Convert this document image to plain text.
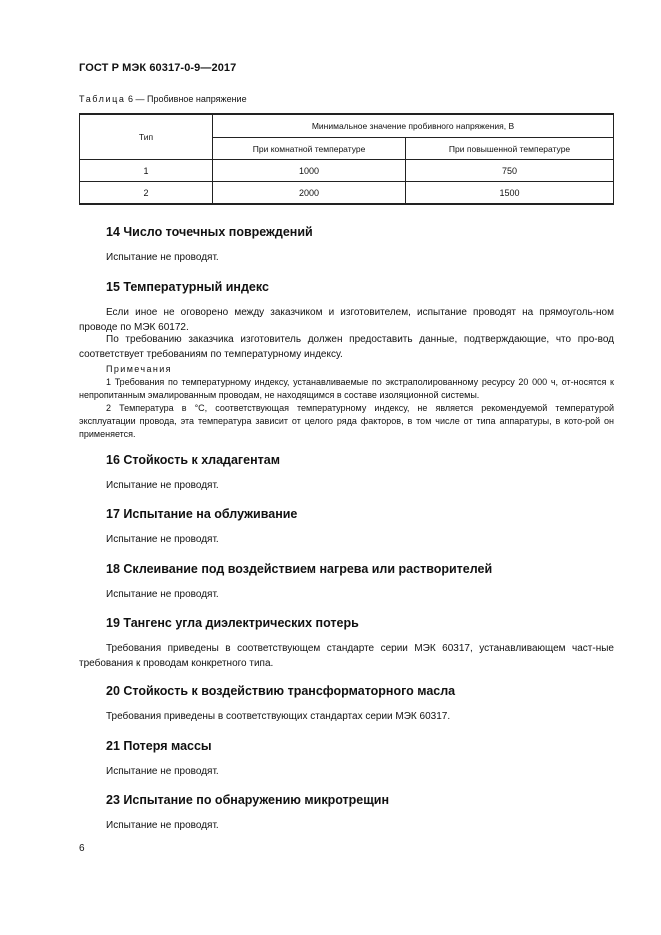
ГОСТ Р МЭК 60317-0-9—2017
Таблица 6 — Пробивное напряжение
Тип	Минимальное значение пробивного напряжения, В	
	При комнатной температуре	При повышенной температуре
1	1000	750
2	2000	1500
14 Число точечных повреждений
Испытание не проводят.
15 Температурный индекс
Если иное не оговорено между заказчиком и изготовителем, испытание проводят на прямоуголь-ном проводе по МЭК 60172.
По требованию заказчика изготовитель должен предоставить данные, подтверждающие, что про-вод соответствует требованиям по температурному индексу.
Примечания
1 Требования по температурному индексу, устанавливаемые по экстраполированному ресурсу 20 000 ч, от-носятся к непропитанным эмалированным проводам, не находящимся в составе изоляционной системы.
2 Температура в °С, соответствующая температурному индексу, не является рекомендуемой температурой эксплуатации провода, эта температура зависит от целого ряда факторов, в том числе от типа аппаратуры, в кото-рой он применяется.
16 Стойкость к хладагентам
Испытание не проводят.
17 Испытание на облуживание
Испытание не проводят.
18 Склеивание под воздействием нагрева или растворителей
Испытание не проводят.
19 Тангенс угла диэлектрических потерь
Требования приведены в соответствующем стандарте серии МЭК 60317, устанавливающем част-ные требования к проводам конкретного типа.
20 Стойкость к воздействию трансформаторного масла
Требования приведены в соответствующих стандартах серии МЭК 60317.
21 Потеря массы
Испытание не проводят.
23 Испытание по обнаружению микротрещин
Испытание не проводят.
6
